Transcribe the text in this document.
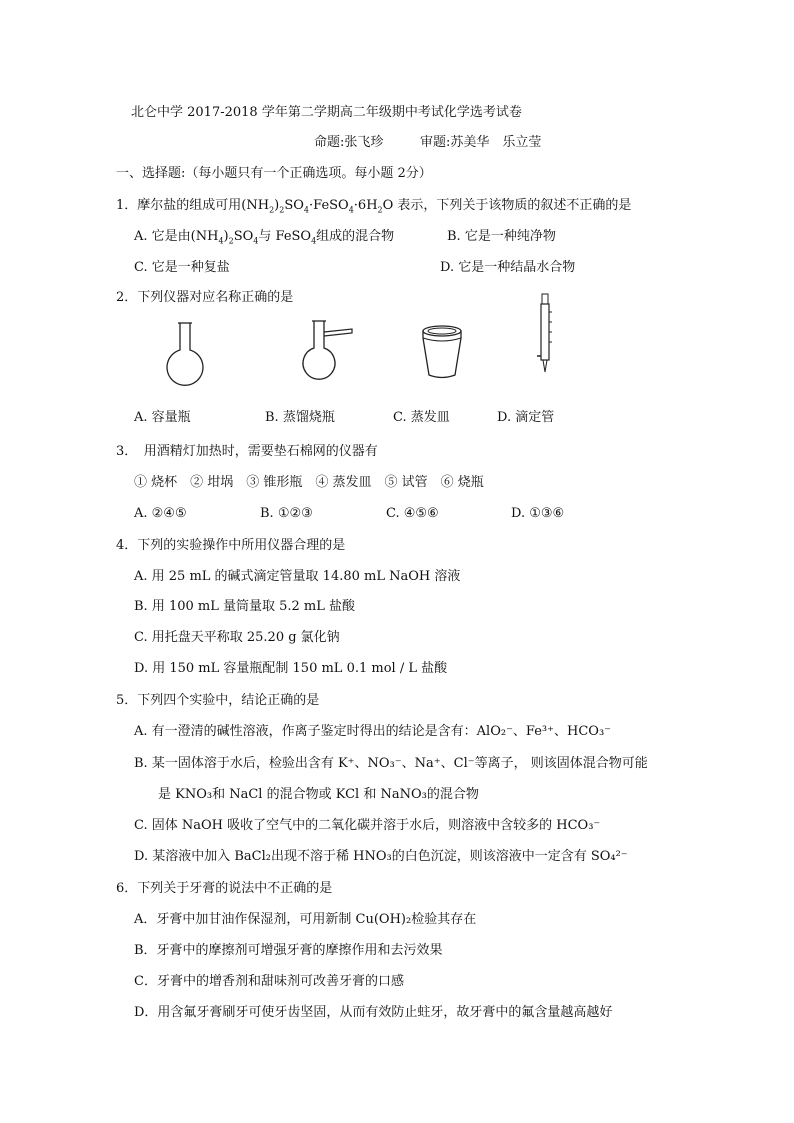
北仑中学 2017-2018 学年第二学期高二年级期中考试化学选考试卷
命题:张飞珍	审题:苏美华　乐立莹
一、选择题:（每小题只有一个正确选项。每小题 2分）
1．摩尔盐的组成可用$(NH_2)_2SO_4\cdot FeSO_4\cdot 6H_2O$ 表示，下列关于该物质的叙述不正确的是
A. 它是由$(NH_4)_2SO_4$与 FeSO$_4$组成的混合物	B. 它是一种纯净物
C. 它是一种复盐	D. 它是一种结晶水合物
2．下列仪器对应名称正确的是
A. 容量瓶	B. 蒸馏烧瓶	C. 蒸发皿	D. 滴定管
3．　用酒精灯加热时，需要垫石棉网的仪器有
① 烧杯　② 坩埚　③ 锥形瓶　④ 蒸发皿　⑤ 试管　⑥ 烧瓶
A. ②④⑤	B. ①②③	C. ④⑤⑥	D. ①③⑥
4．下列的实验操作中所用仪器合理的是
A. 用 25 mL 的碱式滴定管量取 14.80 mL NaOH 溶液
B. 用 100 mL 量筒量取 5.2 mL 盐酸
C. 用托盘天平称取 25.20 g 氯化钠
D. 用 150 mL 容量瓶配制 150 mL 0.1 mol / L 盐酸
5．下列四个实验中，结论正确的是
A. 有一澄清的碱性溶液，作离子鉴定时得出的结论是含有：AlO₂⁻、Fe³⁺、HCO₃⁻
B. 某一固体溶于水后，检验出含有 K⁺、NO₃⁻、Na⁺、Cl⁻等离子， 则该固体混合物可能
是 KNO₃和 NaCl 的混合物或 KCl 和 NaNO₃的混合物
C. 固体 NaOH 吸收了空气中的二氧化碳并溶于水后，则溶液中含较多的 HCO₃⁻
D. 某溶液中加入 BaCl₂出现不溶于稀 HNO₃的白色沉淀，则该溶液中一定含有 SO₄²⁻
6．下列关于牙膏的说法中不正确的是
A．牙膏中加甘油作保湿剂，可用新制 Cu(OH)₂检验其存在
B．牙膏中的摩擦剂可增强牙膏的摩擦作用和去污效果
C．牙膏中的增香剂和甜味剂可改善牙膏的口感
D．用含氟牙膏刷牙可使牙齿坚固，从而有效防止蛀牙，故牙膏中的氟含量越高越好
